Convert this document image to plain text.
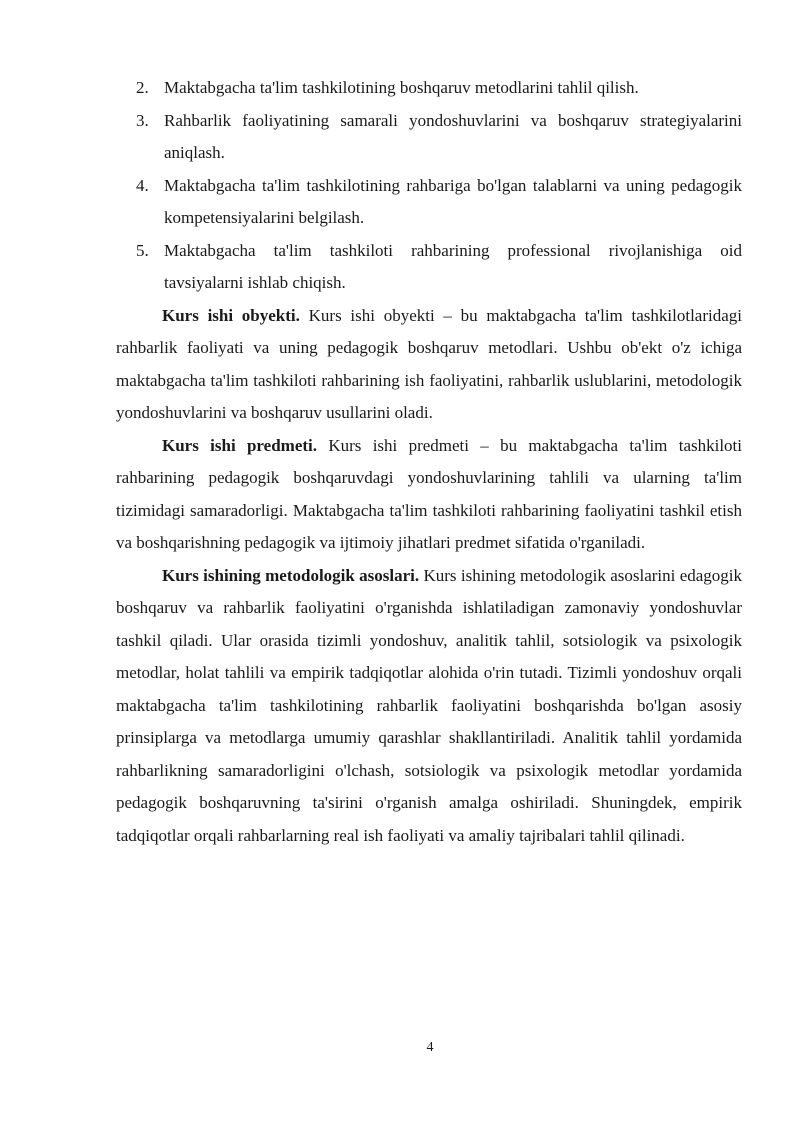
2. Maktabgacha ta'lim tashkilotining boshqaruv metodlarini tahlil qilish.
3. Rahbarlik faoliyatining samarali yondoshuvlarini va boshqaruv strategiyalarini aniqlash.
4. Maktabgacha ta'lim tashkilotining rahbariga bo'lgan talablarni va uning pedagogik kompetensiyalarini belgilash.
5. Maktabgacha ta'lim tashkiloti rahbarining professional rivojlanishiga oid tavsiyalarni ishlab chiqish.

Kurs ishi obyekti. Kurs ishi obyekti – bu maktabgacha ta'lim tashkilotlaridagi rahbarlik faoliyati va uning pedagogik boshqaruv metodlari. Ushbu ob'ekt o'z ichiga maktabgacha ta'lim tashkiloti rahbarining ish faoliyatini, rahbarlik uslublarini, metodologik yondoshuvlarini va boshqaruv usullarini oladi.

Kurs ishi predmeti. Kurs ishi predmeti – bu maktabgacha ta'lim tashkiloti rahbarining pedagogik boshqaruvdagi yondoshuvlarining tahlili va ularning ta'lim tizimidagi samaradorligi. Maktabgacha ta'lim tashkiloti rahbarining faoliyatini tashkil etish va boshqarishning pedagogik va ijtimoiy jihatlari predmet sifatida o'rganiladi.

Kurs ishining metodologik asoslari. Kurs ishining metodologik asoslarini edagogik boshqaruv va rahbarlik faoliyatini o'rganishda ishlatiladigan zamonaviy yondoshuvlar tashkil qiladi. Ular orasida tizimli yondoshuv, analitik tahlil, sotsiologik va psixologik metodlar, holat tahlili va empirik tadqiqotlar alohida o'rin tutadi. Tizimli yondoshuv orqali maktabgacha ta'lim tashkilotining rahbarlik faoliyatini boshqarishda bo'lgan asosiy prinsiplarga va metodlarga umumiy qarashlar shakllantiriladi. Analitik tahlil yordamida rahbarlikning samaradorligini o'lchash, sotsiologik va psixologik metodlar yordamida pedagogik boshqaruvning ta'sirini o'rganish amalga oshiriladi. Shuningdek, empirik tadqiqotlar orqali rahbarlarning real ish faoliyati va amaliy tajribalari tahlil qilinadi.

4
